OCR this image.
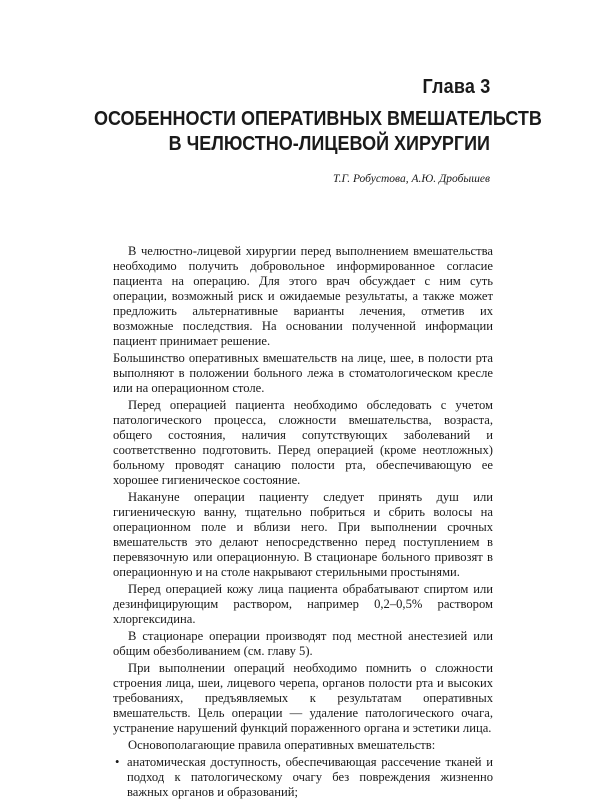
Глава 3
ОСОБЕННОСТИ ОПЕРАТИВНЫХ ВМЕШАТЕЛЬСТВ
В ЧЕЛЮСТНО-ЛИЦЕВОЙ ХИРУРГИИ
Т.Г. Робустова, А.Ю. Дробышев

В челюстно-лицевой хирургии перед выполнением вмешательства необходимо получить добровольное информированное согласие пациента на операцию. Для этого врач обсуждает с ним суть операции, возможный риск и ожидаемые результаты, а также может предложить альтернативные варианты лечения, отметив их возможные последствия. На основании полученной информации пациент принимает решение.

Большинство оперативных вмешательств на лице, шее, в полости рта выполняют в положении больного лежа в стоматологическом кресле или на операционном столе.

Перед операцией пациента необходимо обследовать с учетом патологического процесса, сложности вмешательства, возраста, общего состояния, наличия сопутствующих заболеваний и соответственно подготовить. Перед операцией (кроме неотложных) больному проводят санацию полости рта, обеспечивающую ее хорошее гигиеническое состояние.

Накануне операции пациенту следует принять душ или гигиеническую ванну, тщательно побриться и сбрить волосы на операционном поле и вблизи него. При выполнении срочных вмешательств это делают непосредственно перед поступлением в перевязочную или операционную. В стационаре больного привозят в операционную и на столе накрывают стерильными простынями.

Перед операцией кожу лица пациента обрабатывают спиртом или дезинфицирующим раствором, например 0,2–0,5% раствором хлоргексидина.

В стационаре операции производят под местной анестезией или общим обезболиванием (см. главу 5).

При выполнении операций необходимо помнить о сложности строения лица, шеи, лицевого черепа, органов полости рта и высоких требованиях, предъявляемых к результатам оперативных вмешательств. Цель операции — удаление патологического очага, устранение нарушений функций пораженного органа и эстетики лица.

Основополагающие правила оперативных вмешательств:

• анатомическая доступность, обеспечивающая рассечение тканей и подход к патологическому очагу без повреждения жизненно важных органов и образований;
